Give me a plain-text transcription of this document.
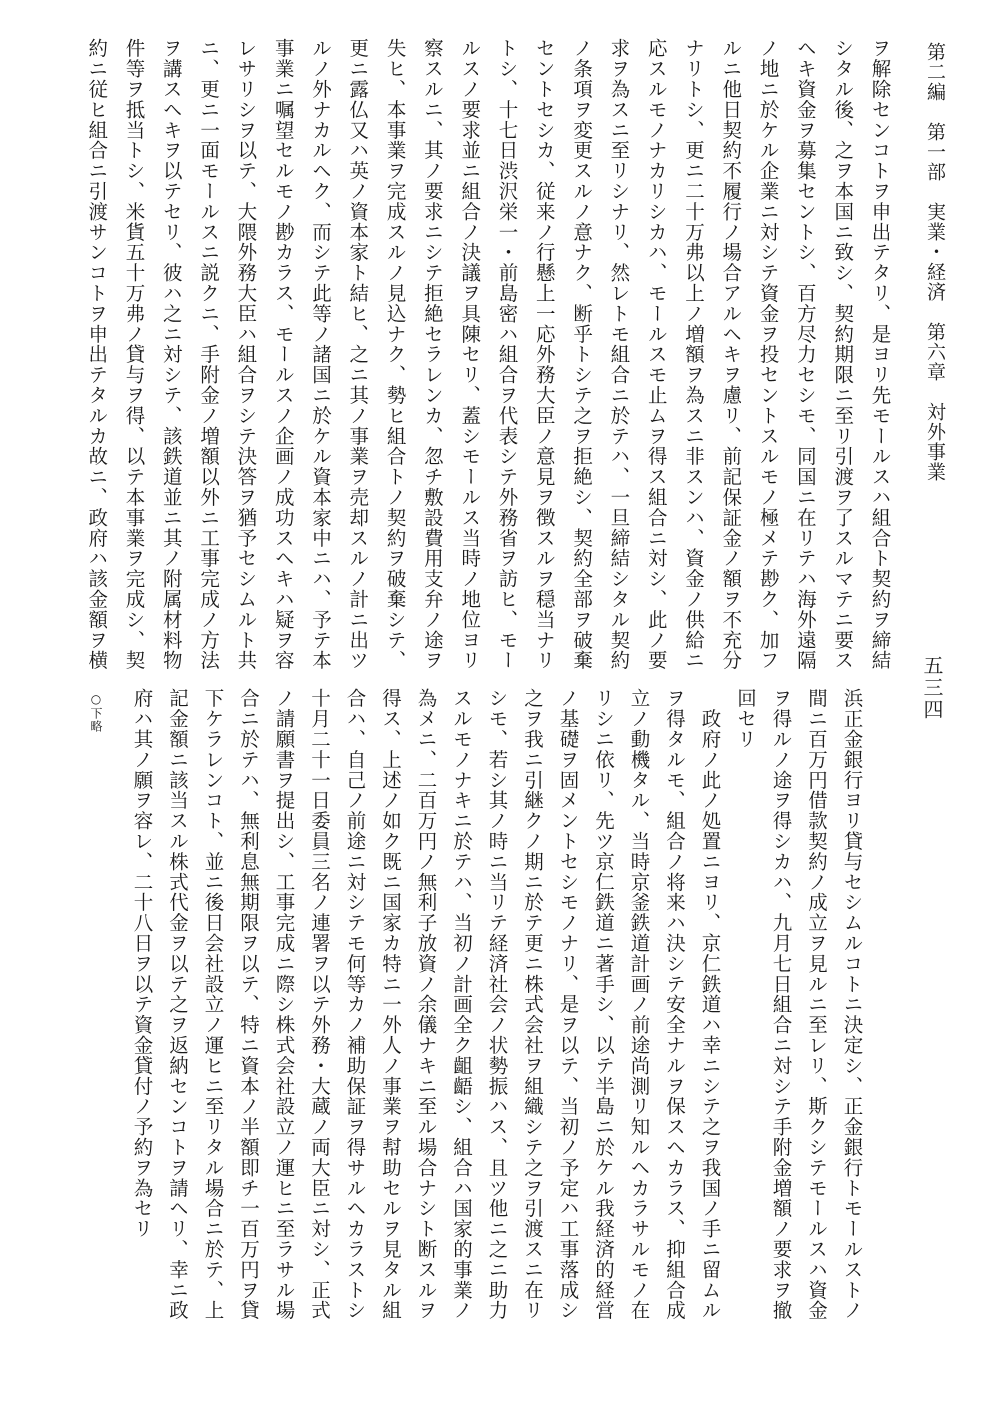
第二編　第一部　実業・経済　第六章　対外事業
五三四
ヲ解除センコトヲ申出テタリ、是ヨリ先モールスハ組合ト契約ヲ締結
シタル後、之ヲ本国ニ致シ、契約期限ニ至リ引渡ヲ了スルマテニ要ス
ヘキ資金ヲ募集セントシ、百方尽力セシモ、同国ニ在リテハ海外遠隔
ノ地ニ於ケル企業ニ対シテ資金ヲ投セントスルモノ極メテ尠ク、加フ
ルニ他日契約不履行ノ場合アルヘキヲ慮リ、前記保証金ノ額ヲ不充分
ナリトシ、更ニ二十万弗以上ノ増額ヲ為スニ非スンハ、資金ノ供給ニ
応スルモノナカリシカハ、モールスモ止ムヲ得ス組合ニ対シ、此ノ要
求ヲ為スニ至リシナリ、然レトモ組合ニ於テハ、一旦締結シタル契約
ノ条項ヲ変更スルノ意ナク、断乎トシテ之ヲ拒絶シ、契約全部ヲ破棄
セントセシカ、従来ノ行懸上一応外務大臣ノ意見ヲ徴スルヲ穏当ナリ
トシ、十七日渋沢栄一・前島密ハ組合ヲ代表シテ外務省ヲ訪ヒ、モー
ルスノ要求並ニ組合ノ決議ヲ具陳セリ、蓋シモールス当時ノ地位ヨリ
察スルニ、其ノ要求ニシテ拒絶セラレンカ、忽チ敷設費用支弁ノ途ヲ
失ヒ、本事業ヲ完成スルノ見込ナク、勢ヒ組合トノ契約ヲ破棄シテ、
更ニ露仏又ハ英ノ資本家ト結ヒ、之ニ其ノ事業ヲ売却スルノ計ニ出ツ
ルノ外ナカルヘク、而シテ此等ノ諸国ニ於ケル資本家中ニハ、予テ本
事業ニ嘱望セルモノ尠カラス、モールスノ企画ノ成功スヘキハ疑ヲ容
レサリシヲ以テ、大隈外務大臣ハ組合ヲシテ決答ヲ猶予セシムルト共
ニ、更ニ一面モールスニ説クニ、手附金ノ増額以外ニ工事完成ノ方法
ヲ講スヘキヲ以テセリ、彼ハ之ニ対シテ、該鉄道並ニ其ノ附属材料物
件等ヲ抵当トシ、米貨五十万弗ノ貸与ヲ得、以テ本事業ヲ完成シ、契
約ニ従ヒ組合ニ引渡サンコトヲ申出テタルカ故ニ、政府ハ該金額ヲ横
浜正金銀行ヨリ貸与セシムルコトニ決定シ、正金銀行トモールストノ
間ニ百万円借款契約ノ成立ヲ見ルニ至レリ、斯クシテモールスハ資金
ヲ得ルノ途ヲ得シカハ、九月七日組合ニ対シテ手附金増額ノ要求ヲ撤
回セリ
　政府ノ此ノ処置ニヨリ、京仁鉄道ハ幸ニシテ之ヲ我国ノ手ニ留ムル
ヲ得タルモ、組合ノ将来ハ決シテ安全ナルヲ保スヘカラス、抑組合成
立ノ動機タル、当時京釜鉄道計画ノ前途尚測リ知ルヘカラサルモノ在
リシニ依リ、先ツ京仁鉄道ニ著手シ、以テ半島ニ於ケル我経済的経営
ノ基礎ヲ固メントセシモノナリ、是ヲ以テ、当初ノ予定ハ工事落成シ
之ヲ我ニ引継クノ期ニ於テ更ニ株式会社ヲ組織シテ之ヲ引渡スニ在リ
シモ、若シ其ノ時ニ当リテ経済社会ノ状勢振ハス、且ツ他ニ之ニ助力
スルモノナキニ於テハ、当初ノ計画全ク齟齬シ、組合ハ国家的事業ノ
為メニ、二百万円ノ無利子放資ノ余儀ナキニ至ル場合ナシト断スルヲ
得ス、上述ノ如ク既ニ国家カ特ニ一外人ノ事業ヲ幇助セルヲ見タル組
合ハ、自己ノ前途ニ対シテモ何等カノ補助保証ヲ得サルヘカラストシ
十月二十一日委員三名ノ連署ヲ以テ外務・大蔵ノ両大臣ニ対シ、正式
ノ請願書ヲ提出シ、工事完成ニ際シ株式会社設立ノ運ヒニ至ラサル場
合ニ於テハ、無利息無期限ヲ以テ、特ニ資本ノ半額即チ一百万円ヲ貸
下ケラレンコト、並ニ後日会社設立ノ運ヒニ至リタル場合ニ於テ、上
記金額ニ該当スル株式代金ヲ以テ之ヲ返納センコトヲ請ヘリ、幸ニ政
府ハ其ノ願ヲ容レ、二十八日ヲ以テ資金貸付ノ予約ヲ為セリ
○下略
